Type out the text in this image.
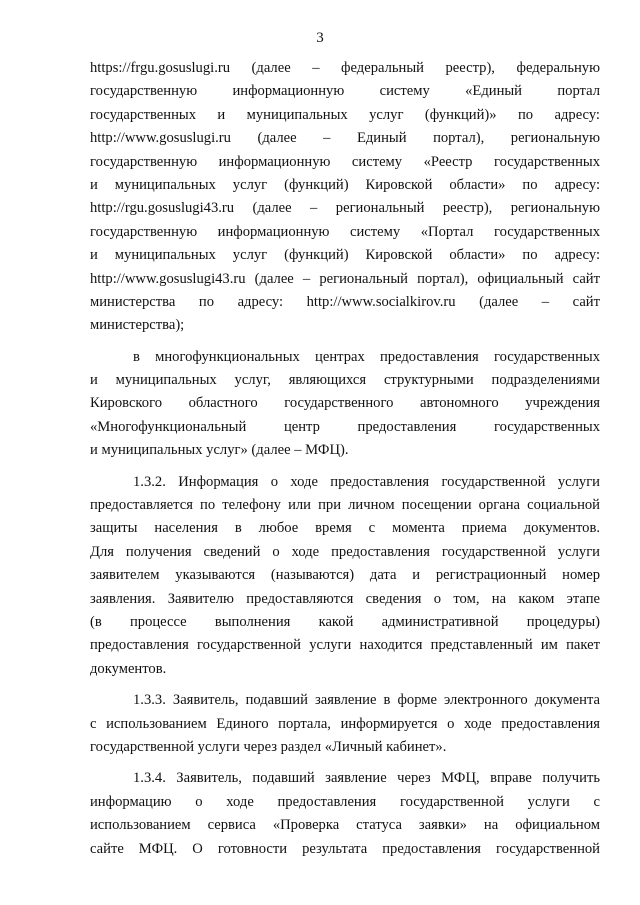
3
https://frgu.gosuslugi.ru (далее – федеральный реестр), федеральную
государственную информационную систему «Единый портал
государственных и муниципальных услуг (функций)» по адресу:
http://www.gosuslugi.ru (далее – Единый портал), региональную
государственную информационную систему «Реестр государственных
и муниципальных услуг (функций) Кировской области» по адресу:
http://rgu.gosuslugi43.ru (далее – региональный реестр), региональную
государственную информационную систему «Портал государственных
и муниципальных услуг (функций) Кировской области» по адресу:
http://www.gosuslugi43.ru (далее – региональный портал), официальный сайт
министерства по адресу: http://www.socialkirov.ru (далее – сайт
министерства);
в многофункциональных центрах предоставления государственных
и муниципальных услуг, являющихся структурными подразделениями
Кировского областного государственного автономного учреждения
«Многофункциональный центр предоставления государственных
и муниципальных услуг» (далее – МФЦ).
1.3.2. Информация о ходе предоставления государственной услуги
предоставляется по телефону или при личном посещении органа социальной
защиты населения в любое время с момента приема документов.
Для получения сведений о ходе предоставления государственной услуги
заявителем указываются (называются) дата и регистрационный номер
заявления. Заявителю предоставляются сведения о том, на каком этапе
(в процессе выполнения какой административной процедуры)
предоставления государственной услуги находится представленный им пакет
документов.
1.3.3. Заявитель, подавший заявление в форме электронного документа
с использованием Единого портала, информируется о ходе предоставления
государственной услуги через раздел «Личный кабинет».
1.3.4. Заявитель, подавший заявление через МФЦ, вправе получить
информацию о ходе предоставления государственной услуги с
использованием сервиса «Проверка статуса заявки» на официальном
сайте МФЦ. О готовности результата предоставления государственной
